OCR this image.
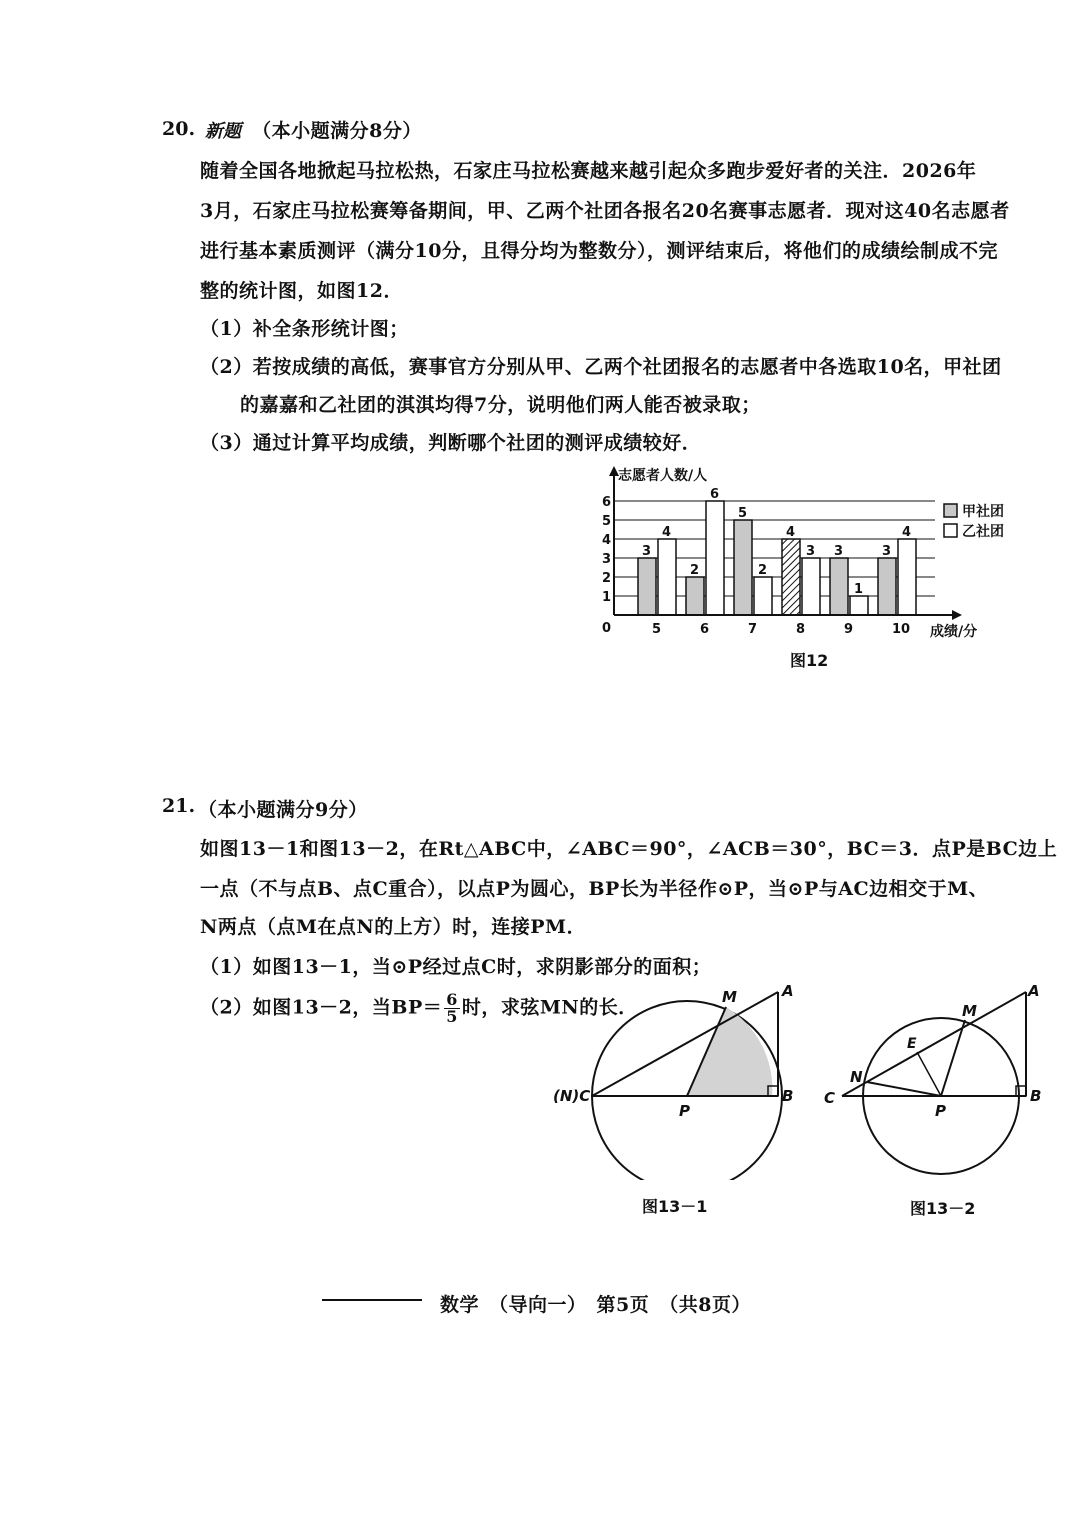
20. 新题 （本小题满分8分）
随着全国各地掀起马拉松热，石家庄马拉松赛越来越引起众多跑步爱好者的关注．2026年
3月，石家庄马拉松赛筹备期间，甲、乙两个社团各报名20名赛事志愿者．现对这40名志愿者
进行基本素质测评（满分10分，且得分均为整数分），测评结束后，将他们的成绩绘制成不完
整的统计图，如图12．
（1）补全条形统计图；
（2）若按成绩的高低，赛事官方分别从甲、乙两个社团报名的志愿者中各选取10名，甲社团
的嘉嘉和乙社团的淇淇均得7分，说明他们两人能否被录取；
（3）通过计算平均成绩，判断哪个社团的测评成绩较好．
1
2
3
4
5
6
3
4
5
2
6
6
5
2
7
4
3
8
3
1
9
3
4
10
志愿者人数/人
成绩/分
0
甲社团
乙社团
图12
21. （本小题满分9分）
如图13－1和图13－2，在Rt△ABC中，∠ABC＝90°，∠ACB＝30°，BC＝3．点P是BC边上
一点（不与点B、点C重合），以点P为圆心，BP长为半径作⊙P，当⊙P与AC边相交于M、
N两点（点M在点N的上方）时，连接PM．
（1）如图13－1，当⊙P经过点C时，求阴影部分的面积；
（2）如图13－2，当$BP= \frac{6}{5}$ 时，求弦MN的长．
A
B
(N)C
M
P
图13－1
A
B
C
M
N
P
E
图13－2
数学　（导向一）　第5页　（共8页）
